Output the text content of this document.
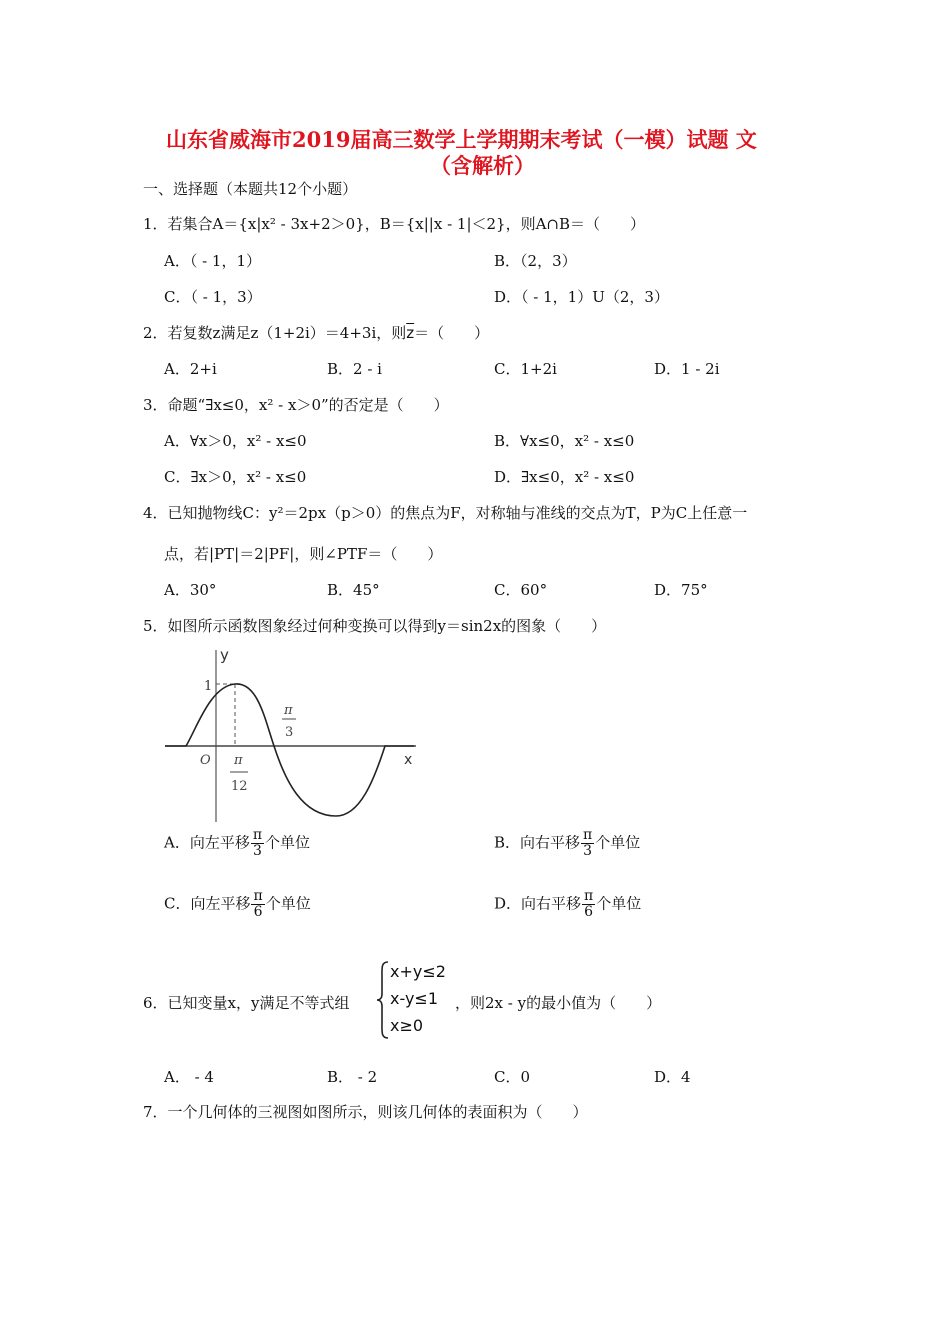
山东省威海市2019届高三数学上学期期末考试（一模）试题 文
（含解析）
一、选择题（本题共12个小题）
1．若集合A＝{x|x² - 3x+2＞0}，B＝{x||x - 1|＜2}，则A∩B＝（　　）
A．（ - 1，1）	B．（2，3）
C．（ - 1，3）	D．（ - 1，1）U（2，3）
2．若复数z满足z（1+2i）＝4+3i，则$\overline{z}=$（　　）
A．2+i	B．2 - i	C．1+2i	D．1 - 2i
3．命题“∃x≤0，x² - x＞0”的否定是（　　）
A．∀x＞0，x² - x≤0	B．∀x≤0，x² - x≤0
C．∃x＞0，x² - x≤0	D．∃x≤0，x² - x≤0
4．已知抛物线C：y²＝2px（p＞0）的焦点为F，对称轴与准线的交点为T，P为C上任意一
点，若|PT|＝2|PF|，则∠PTF＝（　　）
A．30°	B．45°	C．60°	D．75°
5．如图所示函数图象经过何种变换可以得到y＝sin2x的图象（　　）
y
x
1
O
π
3
π
12
A．向左平移 $\frac{\pi}{3}$ 个单位	B．向右平移 $\frac{\pi}{3}$ 个单位
C．向左平移 $\frac{\pi}{6}$ 个单位	D．向右平移 $\frac{\pi}{6}$ 个单位
6．已知变量x，y满足不等式组
x+y≤2
x-y≤1
x≥0
，则2x - y的最小值为（　　）
A． - 4	B． - 2	C．0	D．4
7．一个几何体的三视图如图所示，则该几何体的表面积为（　　）
